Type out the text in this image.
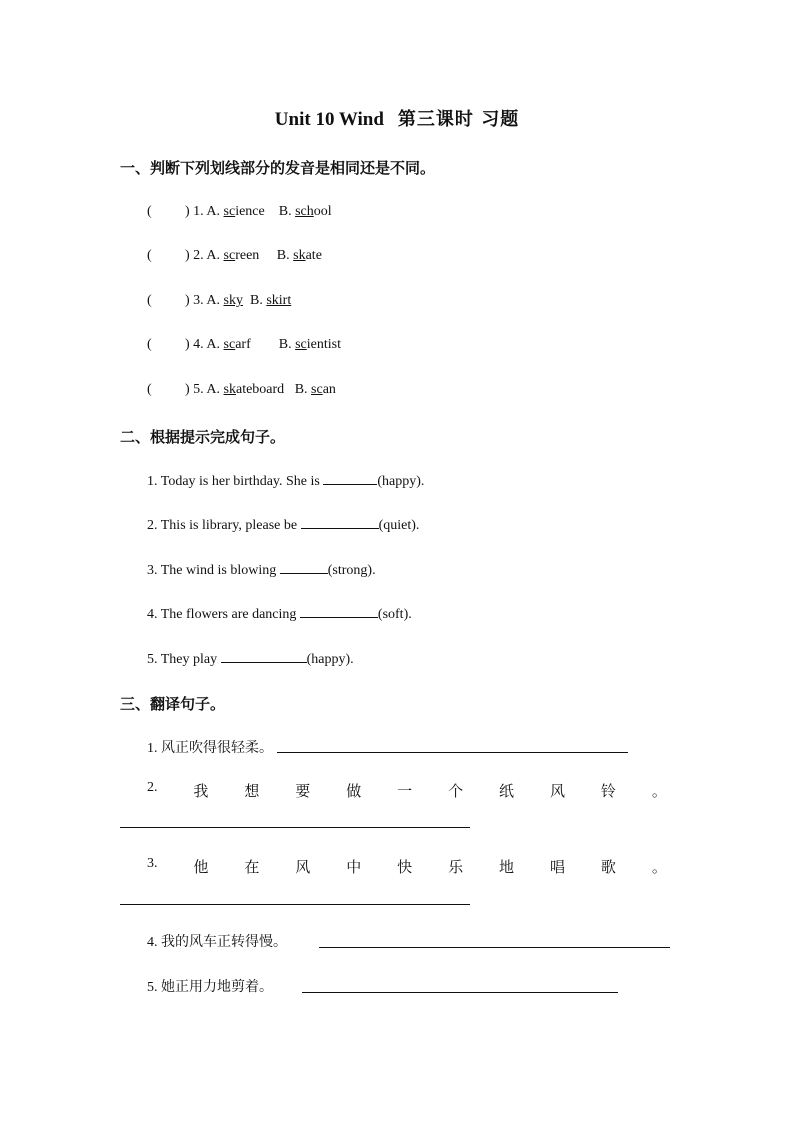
Unit 10 Wind 第三课时 习题
一、判断下列划线部分的发音是相同还是不同。
( ) 1. A. science B. school
( ) 2. A. screen B. skate
( ) 3. A. sky B. skirt
( ) 4. A. scarf B. scientist
( ) 5. A. skateboard B. scan
二、根据提示完成句子。
1. Today is her birthday. She is	(happy).
2. This is library, please be	(quiet).
3. The wind is blowing	(strong).
4. The flowers are dancing	(soft).
5. They play	(happy).
三、翻译句子。
1. 风正吹得很轻柔。
2. 我 想 要 做 一 个 纸 风 铃 。
3. 他 在 风 中 快 乐 地 唱 歌 。
4. 我的风车正转得慢。
5. 她正用力地剪着。
